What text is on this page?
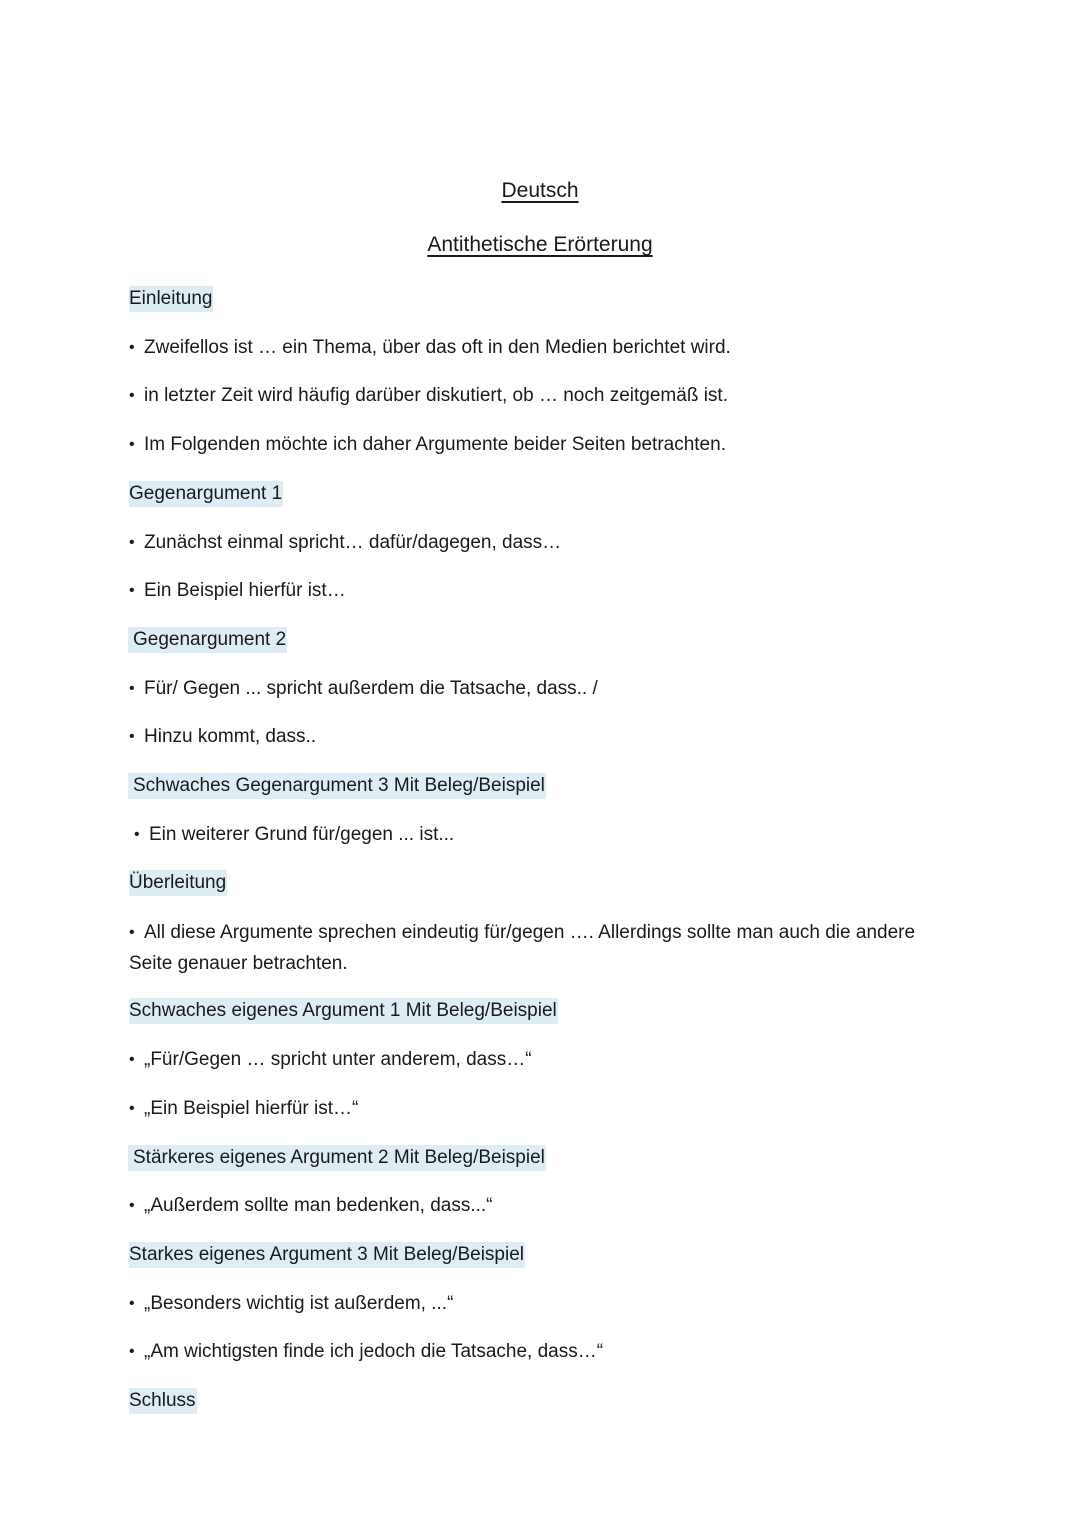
Deutsch
Antithetische Erörterung
Einleitung
• Zweifellos ist … ein Thema, über das oft in den Medien berichtet wird.
• in letzter Zeit wird häufig darüber diskutiert, ob … noch zeitgemäß ist.
• Im Folgenden möchte ich daher Argumente beider Seiten betrachten.
Gegenargument 1
• Zunächst einmal spricht… dafür/dagegen, dass…
• Ein Beispiel hierfür ist…
Gegenargument 2
• Für/ Gegen ... spricht außerdem die Tatsache, dass.. /
• Hinzu kommt, dass..
Schwaches Gegenargument 3 Mit Beleg/Beispiel
• Ein weiterer Grund für/gegen ... ist...
Überleitung
• All diese Argumente sprechen eindeutig für/gegen …. Allerdings sollte man auch die andere Seite genauer betrachten.
Schwaches eigenes Argument 1 Mit Beleg/Beispiel
• „Für/Gegen … spricht unter anderem, dass…“
• „Ein Beispiel hierfür ist…“
Stärkeres eigenes Argument 2 Mit Beleg/Beispiel
• „Außerdem sollte man bedenken, dass...“
Starkes eigenes Argument 3 Mit Beleg/Beispiel
• „Besonders wichtig ist außerdem, ...“
• „Am wichtigsten finde ich jedoch die Tatsache, dass…“
Schluss
